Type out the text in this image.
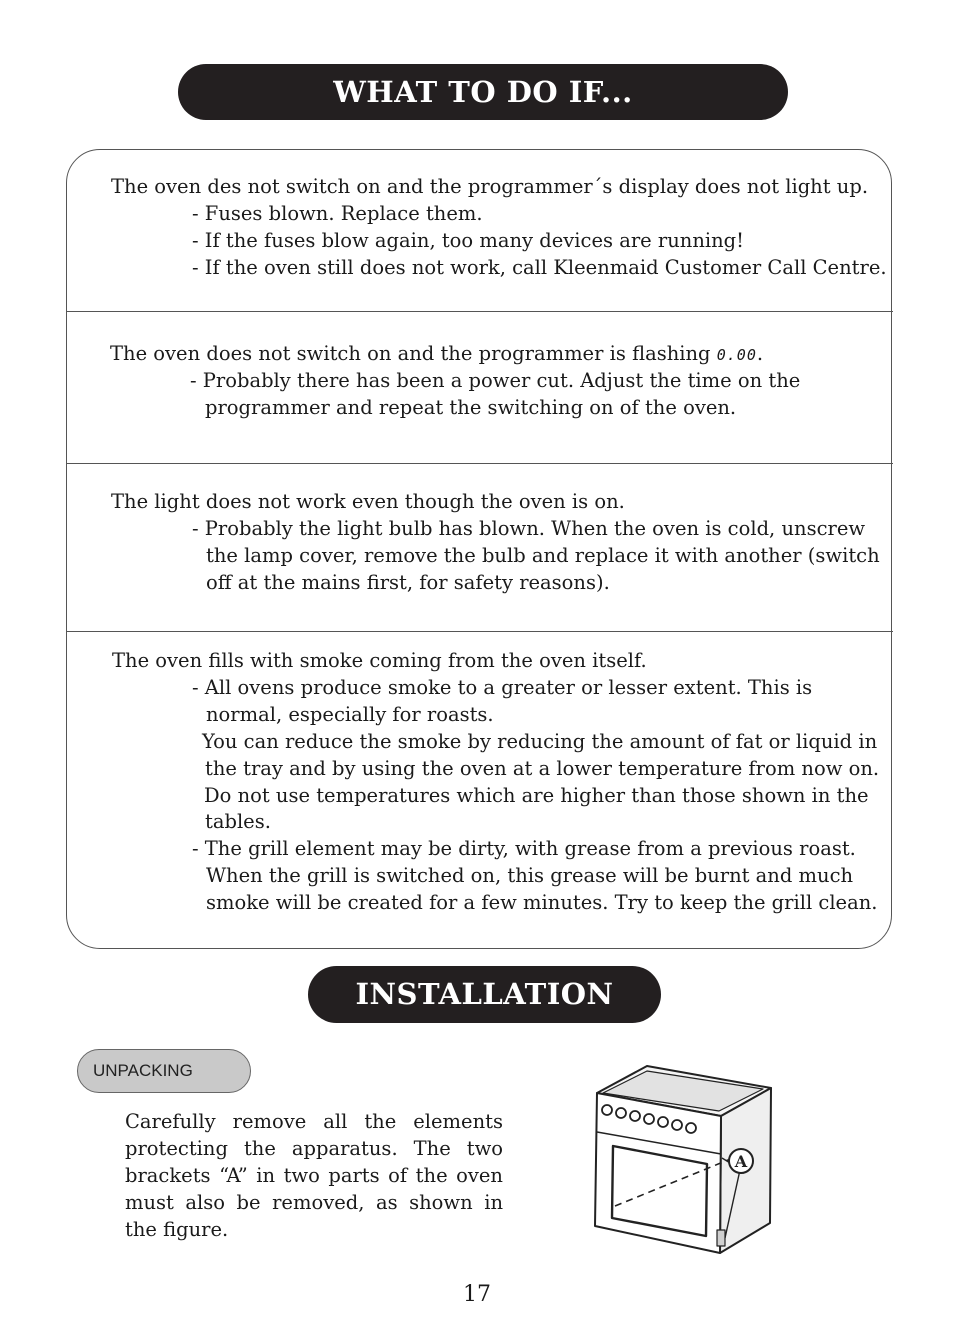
WHAT TO DO IF...
The oven des not switch on and the programmer´s display does not light up.
- Fuses blown. Replace them.
- If the fuses blow again, too many devices are running!
- If the oven still does not work, call Kleenmaid Customer Call Centre.
The oven does not switch on and the programmer is flashing 0.00.
- Probably there has been a power cut. Adjust the time on the
programmer and repeat the switching on of the oven.
The light does not work even though the oven is on.
- Probably the light bulb has blown. When the oven is cold, unscrew
the lamp cover, remove the bulb and replace it with another (switch
off at the mains first, for safety reasons).
The oven fills with smoke coming from the oven itself.
- All ovens produce smoke to a greater or lesser extent. This is
normal, especially for roasts.
You can reduce the smoke by reducing the amount of fat or liquid in
the tray and by using the oven at a lower temperature from now on.
Do not use temperatures which are higher than those shown in the
tables.
- The grill element may be dirty, with grease from a previous roast.
When the grill is switched on, this grease will be burnt and much
smoke will be created for a few minutes. Try to keep the grill clean.
INSTALLATION
UNPACKING
Carefully remove all the elements protecting the apparatus. The two brackets “A” in two parts of the oven must also be removed, as shown in the figure.
A
17
